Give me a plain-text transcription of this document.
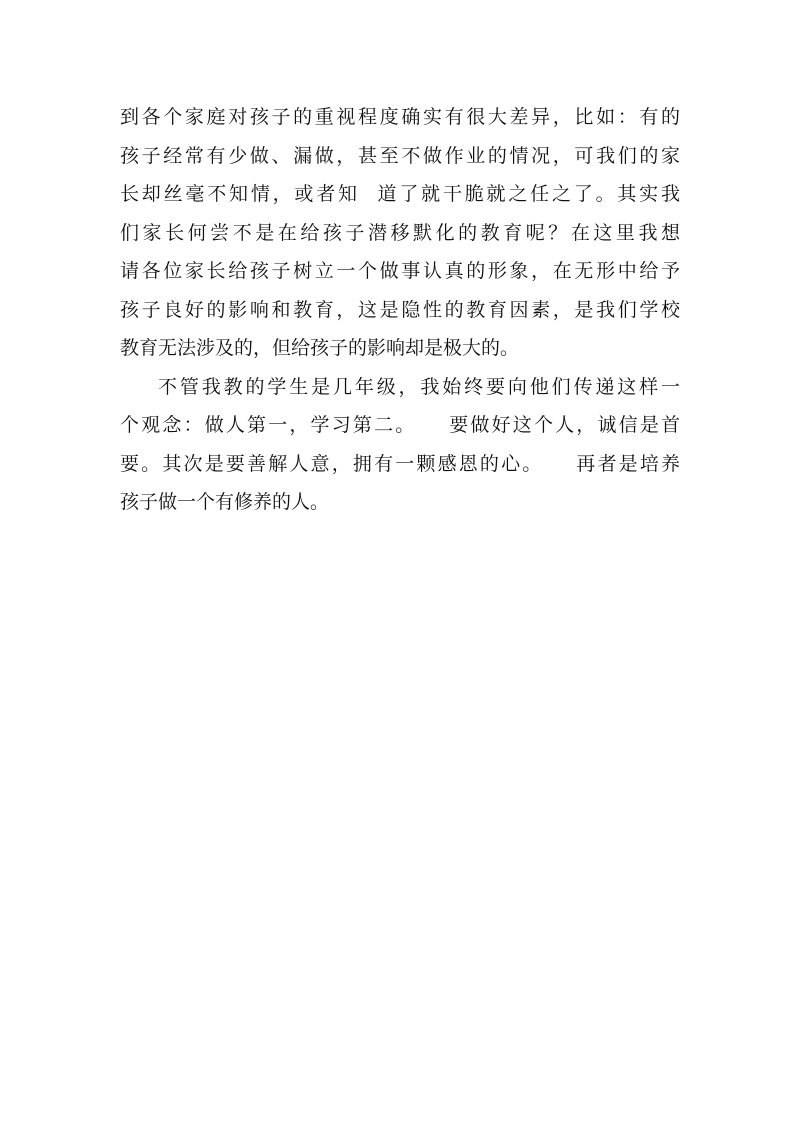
到各个家庭对孩子的重视程度确实有很大差异，比如：有的
孩子经常有少做、漏做，甚至不做作业的情况，可我们的家
长却丝毫不知情，或者知  道了就干脆就之任之了。其实我
们家长何尝不是在给孩子潜移默化的教育呢？在这里我想
请各位家长给孩子树立一个做事认真的形象，在无形中给予
孩子良好的影响和教育，这是隐性的教育因素，是我们学校
教育无法涉及的，但给孩子的影响却是极大的。
不管我教的学生是几年级，我始终要向他们传递这样一
个观念：做人第一，学习第二。    要做好这个人，诚信是首
要。其次是要善解人意，拥有一颗感恩的心。    再者是培养
孩子做一个有修养的人。
